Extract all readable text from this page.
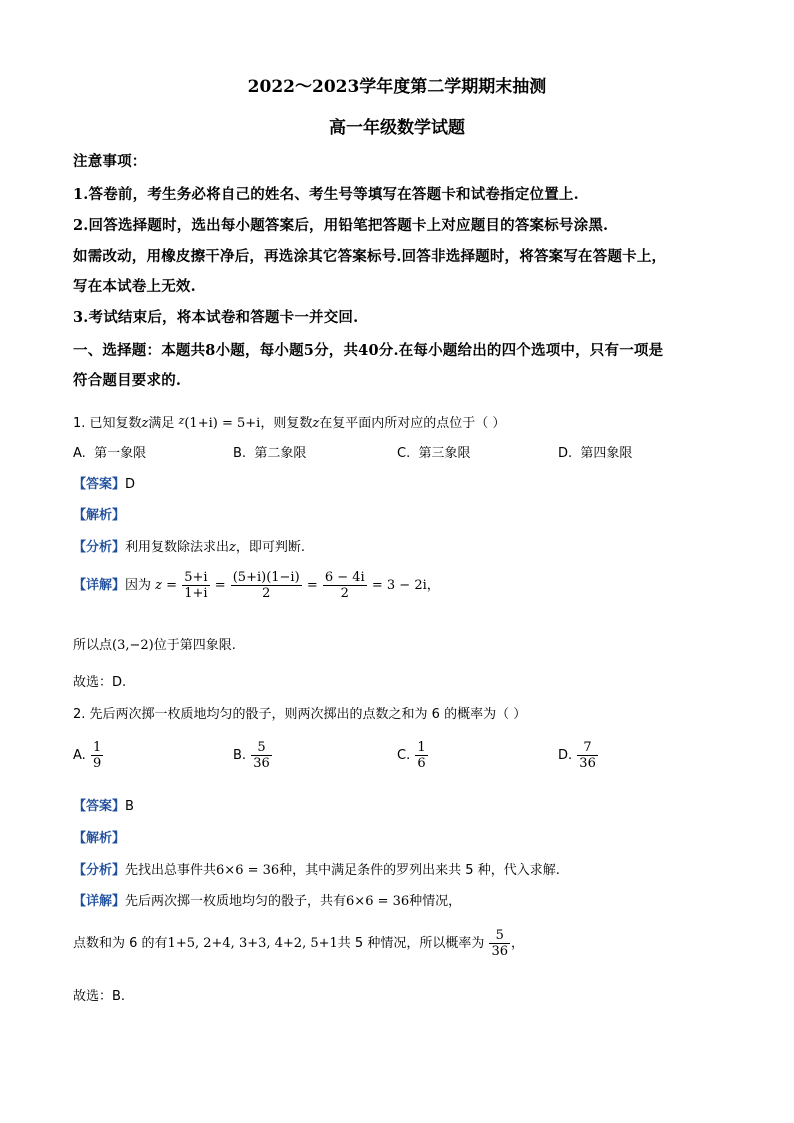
2022～2023学年度第二学期期末抽测
高一年级数学试题
注意事项：
1.答卷前，考生务必将自己的姓名、考生号等填写在答题卡和试卷指定位置上.
2.回答选择题时，选出每小题答案后，用铅笔把答题卡上对应题目的答案标号涂黑.
如需改动，用橡皮擦干净后，再选涂其它答案标号.回答非选择题时，将答案写在答题卡上，
写在本试卷上无效.
3.考试结束后，将本试卷和答题卡一并交回.
一、选择题：本题共8小题，每小题5分，共40分.在每小题给出的四个选项中，只有一项是
符合题目要求的.
1. 已知复数z满足 $^z$(1+i) = 5+i，则复数z在复平面内所对应的点位于（ ）
A. 第一象限	B. 第二象限	C. 第三象限	D. 第四象限
【答案】D
【解析】
【分析】利用复数除法求出z，即可判断.
【详解】因为 $z = \frac{5+i}{1+i} = \frac{(5+i)(1-i)}{2} = \frac{6 - 4i}{2} = 3 - 2i$，
所以点(3,−2)位于第四象限.
故选：D.
2. 先后两次掷一枚质地均匀的骰子，则两次掷出的点数之和为 6 的概率为（ ）
A. $\frac{1}{9}$	B. $\frac{5}{36}$	C. $\frac{1}{6}$	D. $\frac{7}{36}$
【答案】B
【解析】
【分析】先找出总事件共6×6 = 36种，其中满足条件的罗列出来共 5 种，代入求解.
【详解】先后两次掷一枚质地均匀的骰子，共有6×6 = 36种情况，
点数和为 6 的有1+5, 2+4, 3+3, 4+2, 5+1共 5 种情况，所以概率为 $\frac{5}{36}$ ，
故选：B.
